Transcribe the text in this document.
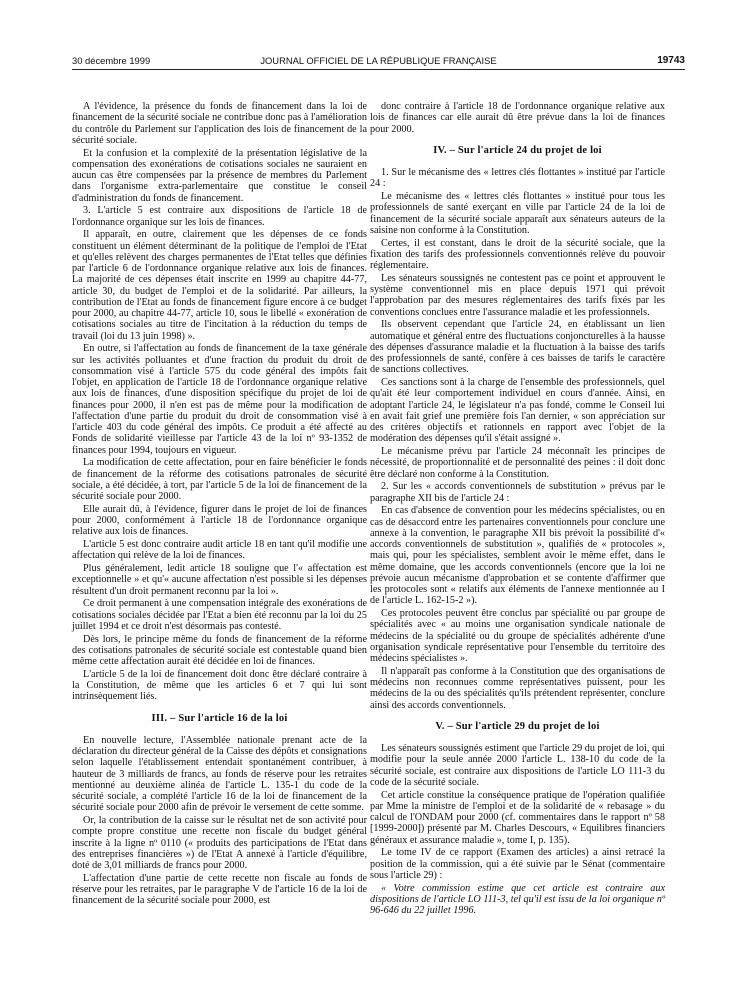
30 décembre 1999	JOURNAL OFFICIEL DE LA RÉPUBLIQUE FRANÇAISE	19743

A l'évidence, la présence du fonds de financement dans la loi de financement de la sécurité sociale ne contribue donc pas à l'amélioration du contrôle du Parlement sur l'application des lois de financement de la sécurité sociale.

Et la confusion et la complexité de la présentation législative de la compensation des exonérations de cotisations sociales ne sauraient en aucun cas être compensées par la présence de membres du Parlement dans l'organisme extra-parlementaire que constitue le conseil d'administration du fonds de financement.

3. L'article 5 est contraire aux dispositions de l'article 18 de l'ordonnance organique sur les lois de finances.

Il apparaît, en outre, clairement que les dépenses de ce fonds constituent un élément déterminant de la politique de l'emploi de l'Etat et qu'elles relèvent des charges permanentes de l'Etat telles que définies par l'article 6 de l'ordonnance organique relative aux lois de finances. La majorité de ces dépenses était inscrite en 1999 au chapitre 44-77, article 30, du budget de l'emploi et de la solidarité. Par ailleurs, la contribution de l'Etat au fonds de financement figure encore à ce budget pour 2000, au chapitre 44-77, article 10, sous le libellé « exonération de cotisations sociales au titre de l'incitation à la réduction du temps de travail (loi du 13 juin 1998) ».

En outre, si l'affectation au fonds de financement de la taxe générale sur les activités polluantes et d'une fraction du produit du droit de consommation visé à l'article 575 du code général des impôts fait l'objet, en application de l'article 18 de l'ordonnance organique relative aux lois de finances, d'une disposition spécifique du projet de loi de finances pour 2000, il n'en est pas de même pour la modification de l'affectation d'une partie du produit du droit de consommation visé à l'article 403 du code général des impôts. Ce produit a été affecté au Fonds de solidarité vieillesse par l'article 43 de la loi nº 93-1352 de finances pour 1994, toujours en vigueur.

La modification de cette affectation, pour en faire bénéficier le fonds de financement de la réforme des cotisations patronales de sécurité sociale, a été décidée, à tort, par l'article 5 de la loi de financement de la sécurité sociale pour 2000.

Elle aurait dû, à l'évidence, figurer dans le projet de loi de finances pour 2000, conformément à l'article 18 de l'ordonnance organique relative aux lois de finances.

L'article 5 est donc contraire audit article 18 en tant qu'il modifie une affectation qui relève de la loi de finances.

Plus généralement, ledit article 18 souligne que l'« affectation est exceptionnelle » et qu'« aucune affectation n'est possible si les dépenses résultent d'un droit permanent reconnu par la loi ».

Ce droit permanent à une compensation intégrale des exonérations de cotisations sociales décidée par l'Etat a bien été reconnu par la loi du 25 juillet 1994 et ce droit n'est désormais pas contesté.

Dès lors, le principe même du fonds de financement de la réforme des cotisations patronales de sécurité sociale est contestable quand bien même cette affectation aurait été décidée en loi de finances.

L'article 5 de la loi de financement doit donc être déclaré contraire à la Constitution, de même que les articles 6 et 7 qui lui sont intrinsèquement liés.

III. – Sur l'article 16 de la loi

En nouvelle lecture, l'Assemblée nationale prenant acte de la déclaration du directeur général de la Caisse des dépôts et consignations selon laquelle l'établissement entendait spontanément contribuer, à hauteur de 3 milliards de francs, au fonds de réserve pour les retraites mentionné au deuxième alinéa de l'article L. 135-1 du code de la sécurité sociale, a complété l'article 16 de la loi de financement de la sécurité sociale pour 2000 afin de prévoir le versement de cette somme.

Or, la contribution de la caisse sur le résultat net de son activité pour compte propre constitue une recette non fiscale du budget général inscrite à la ligne nº 0110 (« produits des participations de l'Etat dans des entreprises financières ») de l'Etat A annexé à l'article d'équilibre, doté de 3,01 milliards de francs pour 2000.

L'affectation d'une partie de cette recette non fiscale au fonds de réserve pour les retraites, par le paragraphe V de l'article 16 de la loi de financement de la sécurité sociale pour 2000, est

donc contraire à l'article 18 de l'ordonnance organique relative aux lois de finances car elle aurait dû être prévue dans la loi de finances pour 2000.

IV. – Sur l'article 24 du projet de loi

1. Sur le mécanisme des « lettres clés flottantes » institué par l'article 24 :

Le mécanisme des « lettres clés flottantes » institué pour tous les professionnels de santé exerçant en ville par l'article 24 de la loi de financement de la sécurité sociale apparaît aux sénateurs auteurs de la saisine non conforme à la Constitution.

Certes, il est constant, dans le droit de la sécurité sociale, que la fixation des tarifs des professionnels conventionnés relève du pouvoir réglementaire.

Les sénateurs soussignés ne contestent pas ce point et approuvent le système conventionnel mis en place depuis 1971 qui prévoit l'approbation par des mesures réglementaires des tarifs fixés par les conventions conclues entre l'assurance maladie et les professionnels.

Ils observent cependant que l'article 24, en établissant un lien automatique et général entre des fluctuations conjoncturelles à la hausse des dépenses d'assurance maladie et la fluctuation à la baisse des tarifs des professionnels de santé, confère à ces baisses de tarifs le caractère de sanctions collectives.

Ces sanctions sont à la charge de l'ensemble des professionnels, quel qu'ait été leur comportement individuel en cours d'année. Ainsi, en adoptant l'article 24, le législateur n'a pas fondé, comme le Conseil lui en avait fait grief une première fois l'an dernier, « son appréciation sur des critères objectifs et rationnels en rapport avec l'objet de la modération des dépenses qu'il s'était assigné ».

Le mécanisme prévu par l'article 24 méconnaît les principes de nécessité, de proportionnalité et de personnalité des peines : il doit donc être déclaré non conforme à la Constitution.

2. Sur les « accords conventionnels de substitution » prévus par le paragraphe XII bis de l'article 24 :

En cas d'absence de convention pour les médecins spécialistes, ou en cas de désaccord entre les partenaires conventionnels pour conclure une annexe à la convention, le paragraphe XII bis prévoit la possibilité d'« accords conventionnels de substitution », qualifiés de « protocoles », mais qui, pour les spécialistes, semblent avoir le même effet, dans le même domaine, que les accords conventionnels (encore que la loi ne prévoie aucun mécanisme d'approbation et se contente d'affirmer que les protocoles sont « relatifs aux éléments de l'annexe mentionnée au I de l'article L. 162-15-2 »).

Ces protocoles peuvent être conclus par spécialité ou par groupe de spécialités avec « au moins une organisation syndicale nationale de médecins de la spécialité ou du groupe de spécialités adhérente d'une organisation syndicale représentative pour l'ensemble du territoire des médecins spécialistes ».

Il n'apparaît pas conforme à la Constitution que des organisations de médecins non reconnues comme représentatives puissent, pour les médecins de la ou des spécialités qu'ils prétendent représenter, conclure ainsi des accords conventionnels.

V. – Sur l'article 29 du projet de loi

Les sénateurs soussignés estiment que l'article 29 du projet de loi, qui modifie pour la seule année 2000 l'article L. 138-10 du code de la sécurité sociale, est contraire aux dispositions de l'article LO 111-3 du code de la sécurité sociale.

Cet article constitue la conséquence pratique de l'opération qualifiée par Mme la ministre de l'emploi et de la solidarité de « rebasage » du calcul de l'ONDAM pour 2000 (cf. commentaires dans le rapport nº 58 [1999-2000]) présenté par M. Charles Descours, « Equilibres financiers généraux et assurance maladie », tome I, p. 135).

Le tome IV de ce rapport (Examen des articles) a ainsi retracé la position de la commission, qui a été suivie par le Sénat (commentaire sous l'article 29) :

« Votre commission estime que cet article est contraire aux dispositions de l'article LO 111-3, tel qu'il est issu de la loi organique nº 96-646 du 22 juillet 1996.
